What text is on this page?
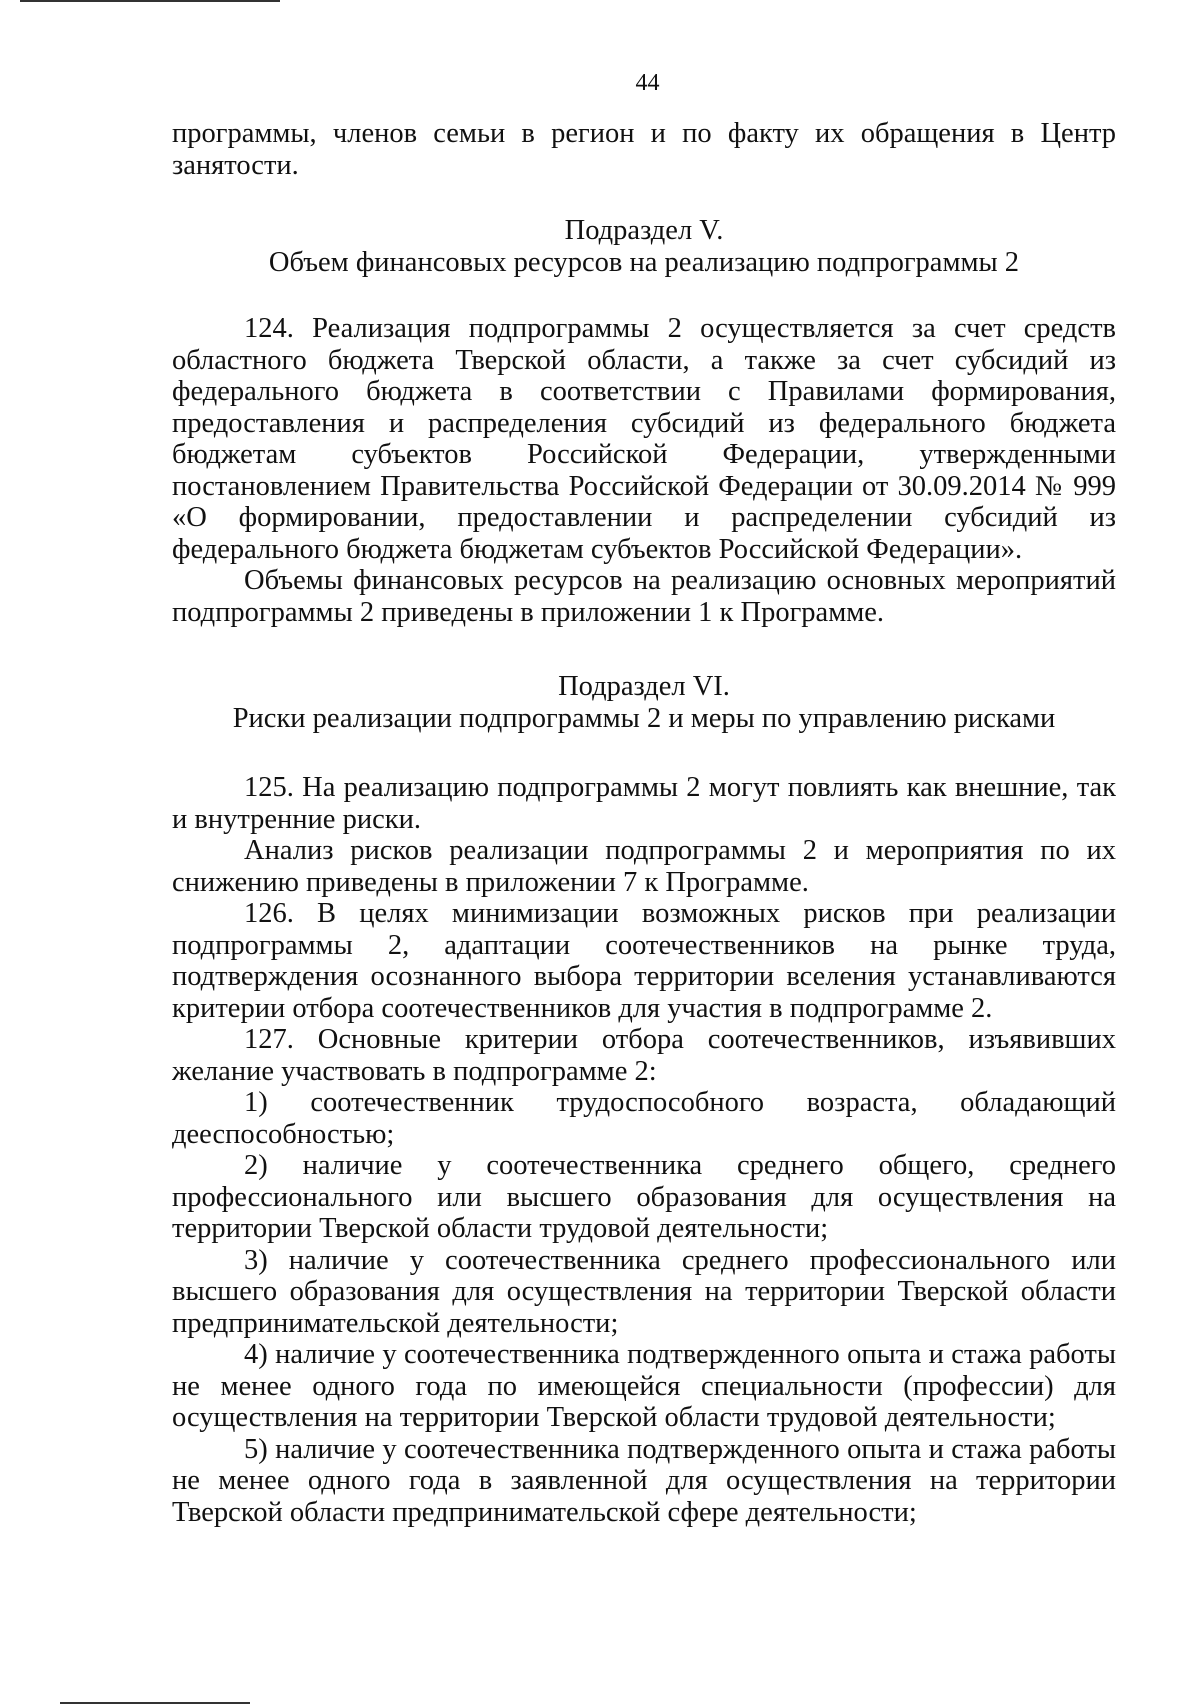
44

программы, членов семьи в регион и по факту их обращения в Центр занятости.

Подраздел V.

Объем финансовых ресурсов на реализацию подпрограммы 2

124. Реализация подпрограммы 2 осуществляется за счет средств областного бюджета Тверской области, а также за счет субсидий из федерального бюджета в соответствии с Правилами формирования, предоставления и распределения субсидий из федерального бюджета бюджетам субъектов Российской Федерации, утвержденными постановлением Правительства Российской Федерации от 30.09.2014 № 999 «О формировании, предоставлении и распределении субсидий из федерального бюджета бюджетам субъектов Российской Федерации».

Объемы финансовых ресурсов на реализацию основных мероприятий подпрограммы 2 приведены в приложении 1 к Программе.

Подраздел VI.

Риски реализации подпрограммы 2 и меры по управлению рисками

125. На реализацию подпрограммы 2 могут повлиять как внешние, так и внутренние риски.

Анализ рисков реализации подпрограммы 2 и мероприятия по их снижению приведены в приложении 7 к Программе.

126. В целях минимизации возможных рисков при реализации подпрограммы 2, адаптации соотечественников на рынке труда, подтверждения осознанного выбора территории вселения устанавливаются критерии отбора соотечественников для участия в подпрограмме 2.

127. Основные критерии отбора соотечественников, изъявивших желание участвовать в подпрограмме 2:

1) соотечественник трудоспособного возраста, обладающий дееспособностью;

2) наличие у соотечественника среднего общего, среднего профессионального или высшего образования для осуществления на территории Тверской области трудовой деятельности;

3) наличие у соотечественника среднего профессионального или высшего образования для осуществления на территории Тверской области предпринимательской деятельности;

4) наличие у соотечественника подтвержденного опыта и стажа работы не менее одного года по имеющейся специальности (профессии) для осуществления на территории Тверской области трудовой деятельности;

5) наличие у соотечественника подтвержденного опыта и стажа работы не менее одного года в заявленной для осуществления на территории Тверской области предпринимательской сфере деятельности;
